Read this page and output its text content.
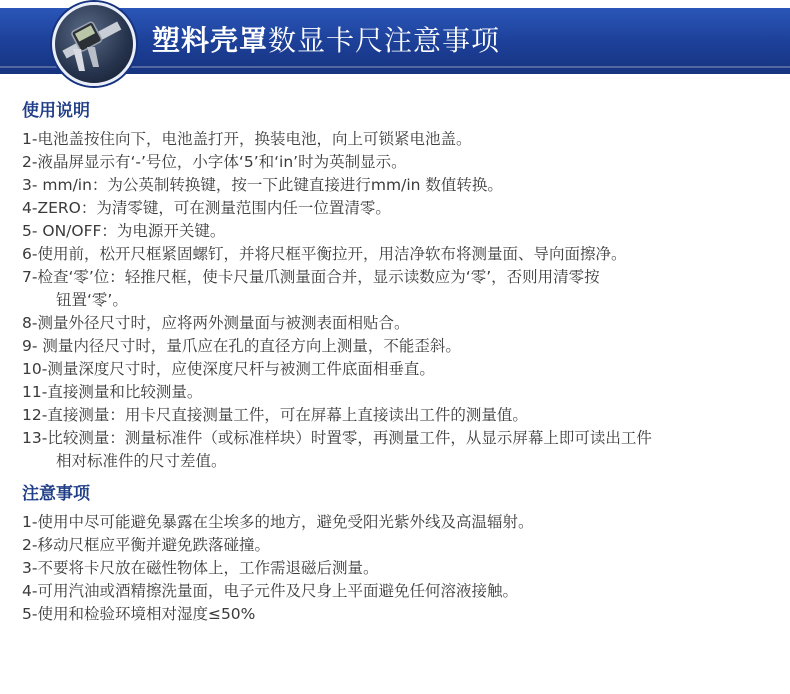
塑料壳罩数显卡尺注意事项
使用说明
1-电池盖按住向下，电池盖打开，换装电池，向上可锁紧电池盖。
2-液晶屏显示有‘-’号位，小字体‘5’和‘in’时为英制显示。
3- mm/in：为公英制转换键，按一下此键直接进行mm/in 数值转换。
4-ZERO：为清零键，可在测量范围内任一位置清零。
5- ON/OFF：为电源开关键。
6-使用前，松开尺框紧固螺钉，并将尺框平衡拉开，用洁净软布将测量面、导向面擦净。
7-检查‘零’位：轻推尺框，使卡尺量爪测量面合并，显示读数应为‘零’，否则用清零按
钮置‘零’。
8-测量外径尺寸时，应将两外测量面与被测表面相贴合。
9- 测量内径尺寸时，量爪应在孔的直径方向上测量，不能歪斜。
10-测量深度尺寸时，应使深度尺杆与被测工件底面相垂直。
11-直接测量和比较测量。
12-直接测量：用卡尺直接测量工件，可在屏幕上直接读出工件的测量值。
13-比较测量：测量标准件（或标准样块）时置零，再测量工件，从显示屏幕上即可读出工件
相对标准件的尺寸差值。
注意事项
1-使用中尽可能避免暴露在尘埃多的地方，避免受阳光紫外线及高温辐射。
2-移动尺框应平衡并避免跌落碰撞。
3-不要将卡尺放在磁性物体上，工作需退磁后测量。
4-可用汽油或酒精擦洗量面，电子元件及尺身上平面避免任何溶液接触。
5-使用和检验环境相对湿度≤50%
